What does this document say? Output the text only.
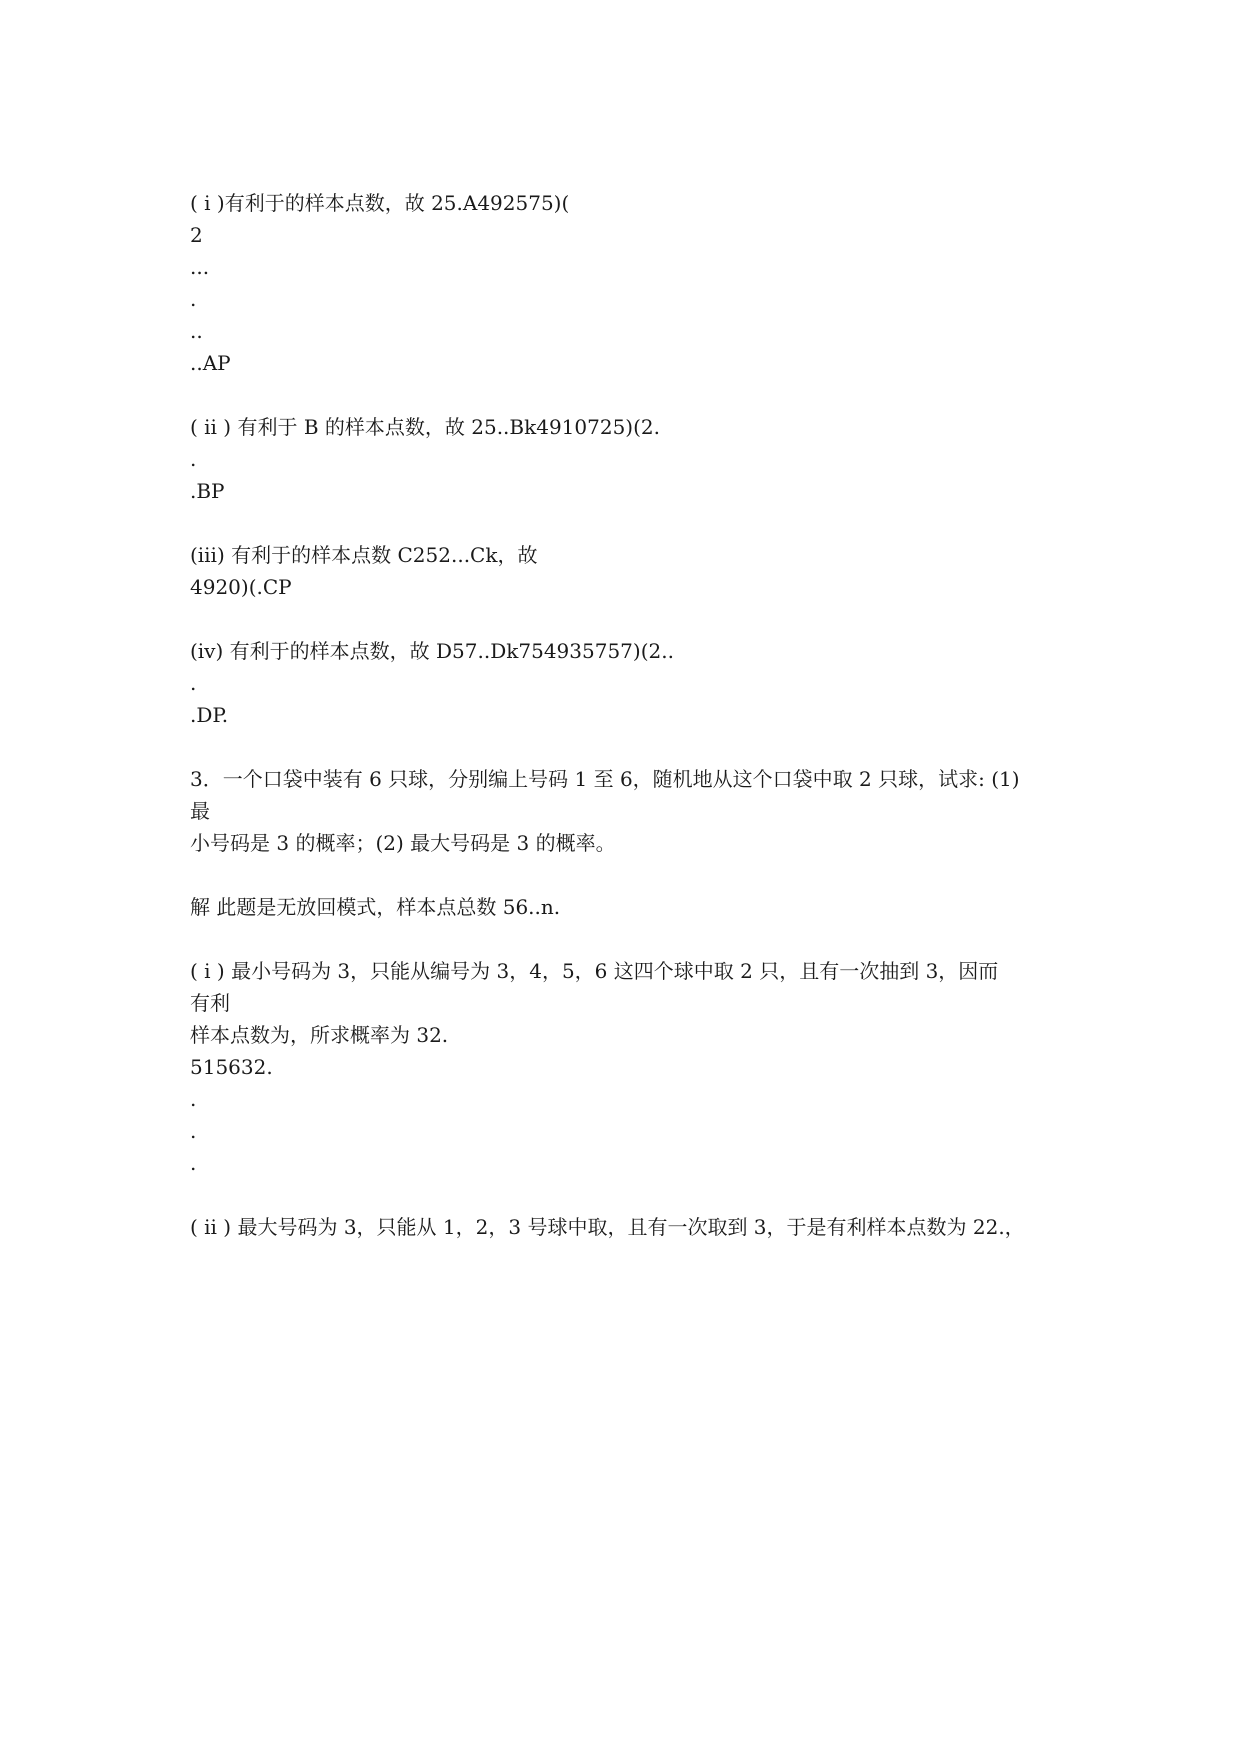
( ⅰ )有利于的样本点数，故 25.A492575)(
2
...
.
..
..AP
( ⅱ ) 有利于 B 的样本点数，故 25..Bk4910725)(2.
.
.BP
(ⅲ) 有利于的样本点数 C252...Ck，故
4920)(.CP
(ⅳ) 有利于的样本点数，故 D57..Dk754935757)(2..
.
.DP.
3．一个口袋中装有 6 只球，分别编上号码 1 至 6，随机地从这个口袋中取 2 只球，试求: (1)
最
小号码是 3 的概率；(2) 最大号码是 3 的概率。
解 此题是无放回模式，样本点总数 56..n.
( ⅰ ) 最小号码为 3，只能从编号为 3，4，5，6 这四个球中取 2 只，且有一次抽到 3，因而
有利
样本点数为，所求概率为 32.
515632.
.
.
.
( ⅱ ) 最大号码为 3，只能从 1，2，3 号球中取，且有一次取到 3，于是有利样本点数为 22.，
